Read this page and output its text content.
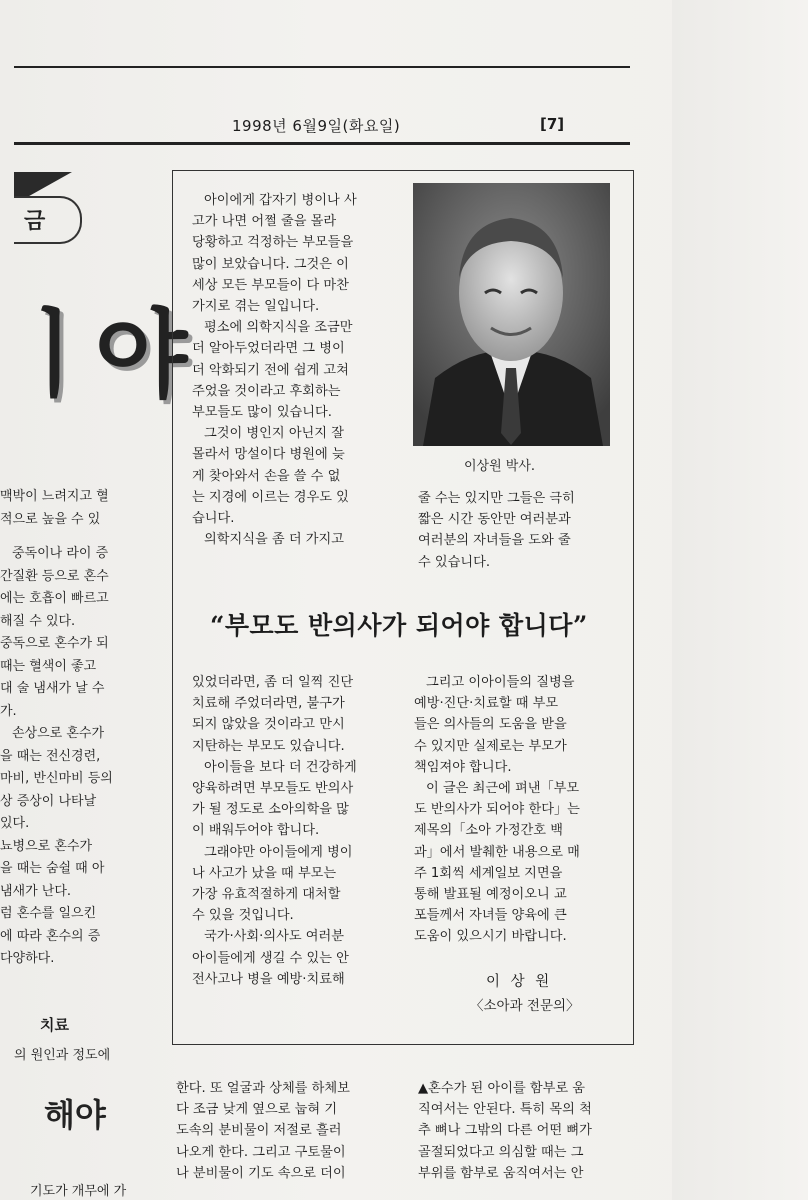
1998년 6월9일(화요일)	[7]
금
ㅣ야
맥박이 느려지고 혈
적으로 높을 수 있
중독이나 라이 증
간질환 등으로 혼수
에는 호흡이 빠르고
해질 수 있다.
중독으로 혼수가 되
때는 혈색이 좋고
대 술 냄새가 날 수
가.
손상으로 혼수가
을 때는 전신경련,
마비, 반신마비 등의
상 증상이 나타날
있다.
뇨병으로 혼수가
을 때는 숨쉴 때 아
냄새가 난다.
럼 혼수를 일으킨
에 따라 혼수의 증
다양하다.
치료
의 원인과 정도에
해야
기도가 개무에 가
아이에게 갑자기 병이나 사
고가 나면 어쩔 줄을 몰라
당황하고 걱정하는 부모들을
많이 보았습니다. 그것은 이
세상 모든 부모들이 다 마찬
가지로 겪는 일입니다.
평소에 의학지식을 조금만
더 알아두었더라면 그 병이
더 악화되기 전에 쉽게 고쳐
주었을 것이라고 후회하는
부모들도 많이 있습니다.
그것이 병인지 아닌지 잘
몰라서 망설이다 병원에 늦
게 찾아와서 손을 쓸 수 없
는 지경에 이르는 경우도 있
습니다.
의학지식을 좀 더 가지고
이상원 박사.
줄 수는 있지만 그들은 극히
짧은 시간 동안만 여러분과
여러분의 자녀들을 도와 줄
수 있습니다.
“부모도 반의사가 되어야 합니다”
있었더라면, 좀 더 일찍 진단
치료해 주었더라면, 불구가
되지 않았을 것이라고 만시
지탄하는 부모도 있습니다.
아이들을 보다 더 건강하게
양육하려면 부모들도 반의사
가 될 정도로 소아의학을 많
이 배워두어야 합니다.
그래야만 아이들에게 병이
나 사고가 났을 때 부모는
가장 유효적절하게 대처할
수 있을 것입니다.
국가·사회·의사도 여러분
아이들에게 생길 수 있는 안
전사고나 병을 예방·치료해
그리고 이아이들의 질병을
예방·진단·치료할 때 부모
들은 의사들의 도움을 받을
수 있지만 실제로는 부모가
책임져야 합니다.
이 글은 최근에 펴낸「부모
도 반의사가 되어야 한다」는
제목의「소아 가정간호 백
과」에서 발췌한 내용으로 매
주 1회씩 세계일보 지면을
통해 발표될 예정이오니 교
포들께서 자녀들 양육에 큰
도움이 있으시기 바랍니다.
이 상 원
〈소아과 전문의〉
한다. 또 얼굴과 상체를 하체보
다 조금 낮게 옆으로 눕혀 기
도속의 분비물이 저절로 흘러
나오게 한다. 그리고 구토물이
나 분비물이 기도 속으로 더이
▲혼수가 된 아이를 함부로 움
직여서는 안된다. 특히 목의 척
추 뼈나 그밖의 다른 어떤 뼈가
골절되었다고 의심할 때는 그
부위를 함부로 움직여서는 안
